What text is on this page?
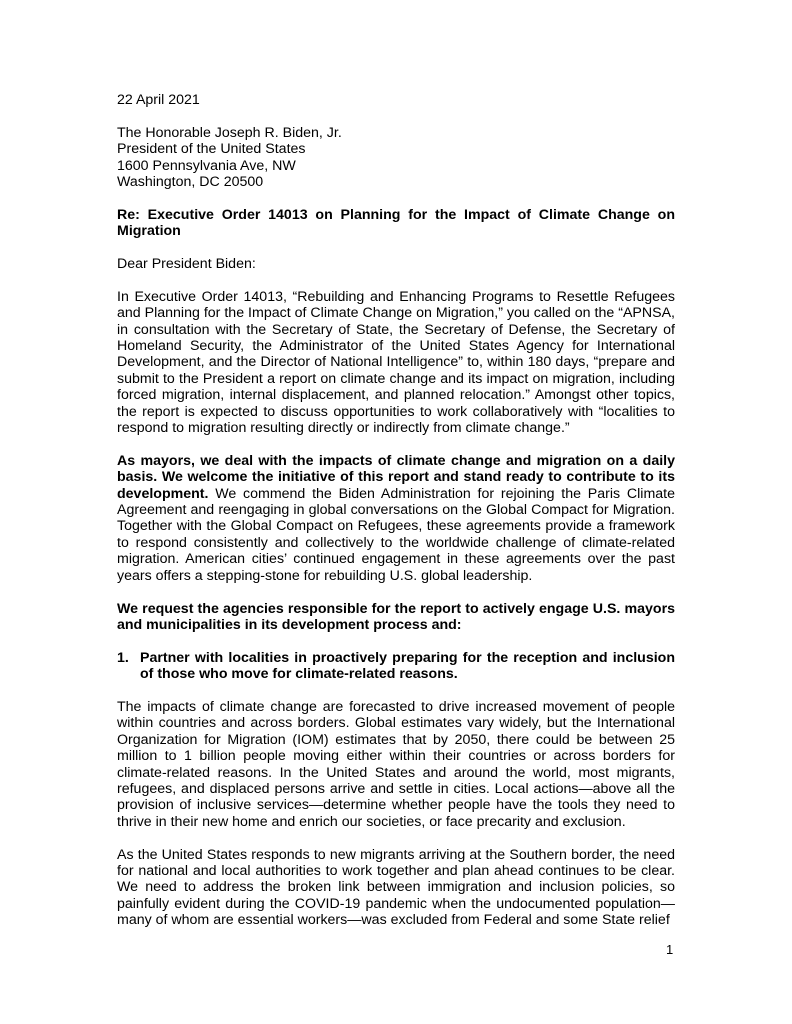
22 April 2021

The Honorable Joseph R. Biden, Jr.

President of the United States

1600 Pennsylvania Ave, NW

Washington, DC 20500

Re: Executive Order 14013 on Planning for the Impact of Climate Change on Migration

Dear President Biden:

In Executive Order 14013, “Rebuilding and Enhancing Programs to Resettle Refugees and Planning for the Impact of Climate Change on Migration,” you called on the “APNSA, in consultation with the Secretary of State, the Secretary of Defense, the Secretary of Homeland Security, the Administrator of the United States Agency for International Development, and the Director of National Intelligence” to, within 180 days, “prepare and submit to the President a report on climate change and its impact on migration, including forced migration, internal displacement, and planned relocation.” Amongst other topics, the report is expected to discuss opportunities to work collaboratively with “localities to respond to migration resulting directly or indirectly from climate change.”

As mayors, we deal with the impacts of climate change and migration on a daily basis. We welcome the initiative of this report and stand ready to contribute to its development. We commend the Biden Administration for rejoining the Paris Climate Agreement and reengaging in global conversations on the Global Compact for Migration. Together with the Global Compact on Refugees, these agreements provide a framework to respond consistently and collectively to the worldwide challenge of climate-related migration. American cities’ continued engagement in these agreements over the past years offers a stepping-stone for rebuilding U.S. global leadership.

We request the agencies responsible for the report to actively engage U.S. mayors and municipalities in its development process and:

1. Partner with localities in proactively preparing for the reception and inclusion of those who move for climate-related reasons.

The impacts of climate change are forecasted to drive increased movement of people within countries and across borders. Global estimates vary widely, but the International Organization for Migration (IOM) estimates that by 2050, there could be between 25 million to 1 billion people moving either within their countries or across borders for climate-related reasons. In the United States and around the world, most migrants, refugees, and displaced persons arrive and settle in cities. Local actions—above all the provision of inclusive services—determine whether people have the tools they need to thrive in their new home and enrich our societies, or face precarity and exclusion.

As the United States responds to new migrants arriving at the Southern border, the need for national and local authorities to work together and plan ahead continues to be clear. We need to address the broken link between immigration and inclusion policies, so painfully evident during the COVID-19 pandemic when the undocumented population—many of whom are essential workers—was excluded from Federal and some State relief

1
